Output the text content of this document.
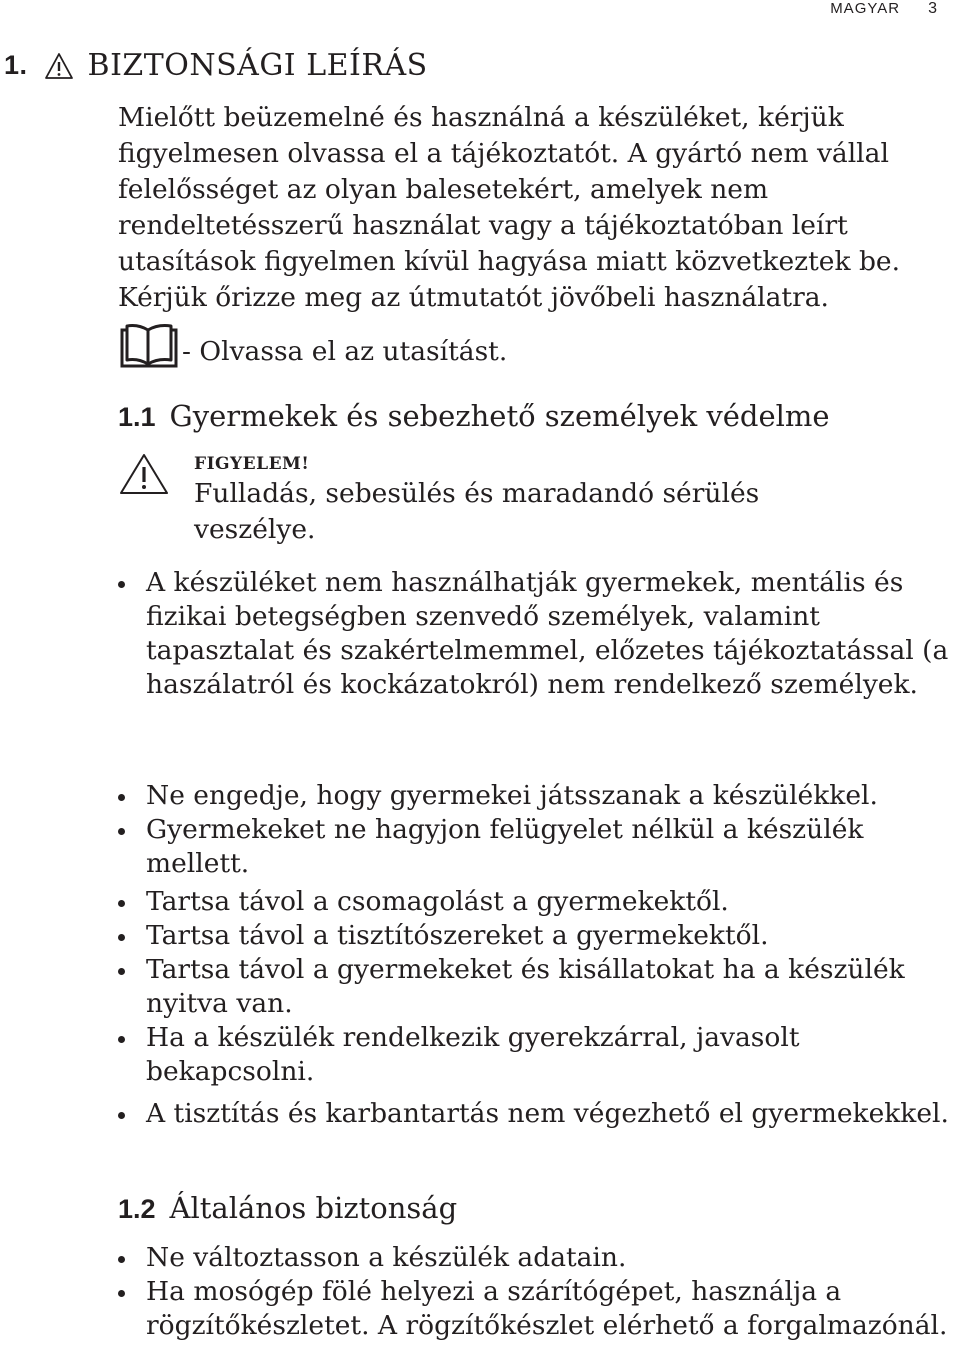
MAGYAR 3
1. BIZTONSÁGI LEÍRÁS

Mielőtt beüzemelné és használná a készüléket, kérjük figyelmesen olvassa el a tájékoztatót. A gyártó nem vállal felelősséget az olyan balesetekért, amelyek nem rendeltetésszerű használat vagy a tájékoztatóban leírt utasítások figyelmen kívül hagyása miatt közvetkeztek be. Kérjük őrizze meg az útmutatót jövőbeli használatra.

- Olvassa el az utasítást.
1.1 Gyermekek és sebezhető személyek védelme
FIGYELEM!
Fulladás, sebesülés és maradandó sérülés veszélye.
A készüléket nem használhatják gyermekek, mentális és fizikai betegségben szenvedő személyek, valamint tapasztalat és szakértelmemmel, előzetes tájékoztatással (a haszálatról és kockázatokról) nem rendelkező személyek.
Ne engedje, hogy gyermekei játsszanak a készülékkel.
Gyermekeket ne hagyjon felügyelet nélkül a készülék mellett.
Tartsa távol a csomagolást a gyermekektől.
Tartsa távol a tisztítószereket a gyermekektől.
Tartsa távol a gyermekeket és kisállatokat ha a készülék nyitva van.
Ha a készülék rendelkezik gyerekzárral, javasolt bekapcsolni.
A tisztítás és karbantartás nem végezhető el gyermekekkel.
1.2 Általános biztonság
Ne változtasson a készülék adatain.
Ha mosógép fölé helyezi a szárítógépet, használja a rögzítőkészletet. A rögzítőkészlet elérhető a forgalmazónál.
